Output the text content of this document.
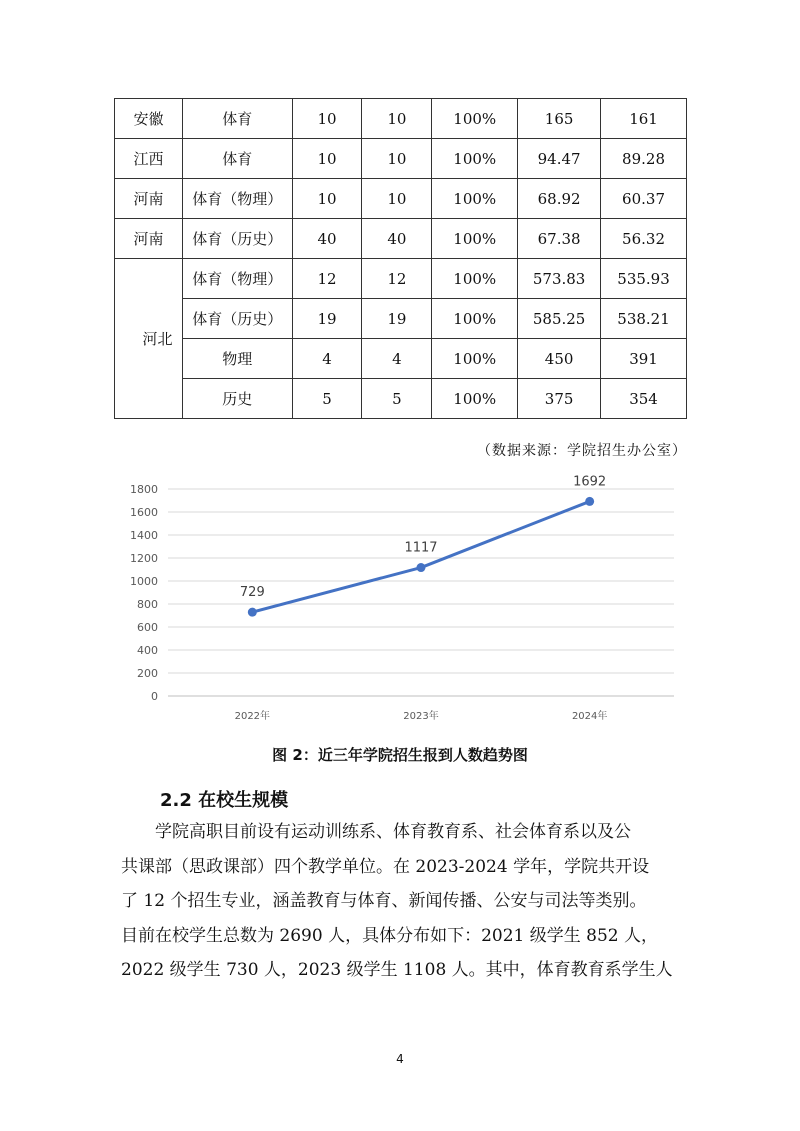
安徽	体育	10	10	100%	165	161
江西	体育	10	10	100%	94.47	89.28
河南	体育（物理）	10	10	100%	68.92	60.37
河南	体育（历史）	40	40	100%	67.38	56.32
河北	体育（物理）	12	12	100%	573.83	535.93
	体育（历史）	19	19	100%	585.25	538.21
	物理	4	4	100%	450	391
	历史	5	5	100%	375	354
（数据来源：学院招生办公室）
0
200
400
600
800
1000
1200
1400
1600
1800
2022年	2023年	2024年
729
1117
1692
图 2：近三年学院招生报到人数趋势图
2.2 在校生规模
学院高职目前设有运动训练系、体育教育系、社会体育系以及公
共课部（思政课部）四个教学单位。在 2023-2024 学年，学院共开设
了 12 个招生专业，涵盖教育与体育、新闻传播、公安与司法等类别。
目前在校学生总数为 2690 人，具体分布如下：2021 级学生 852 人，
2022 级学生 730 人，2023 级学生 1108 人。其中，体育教育系学生人
4
